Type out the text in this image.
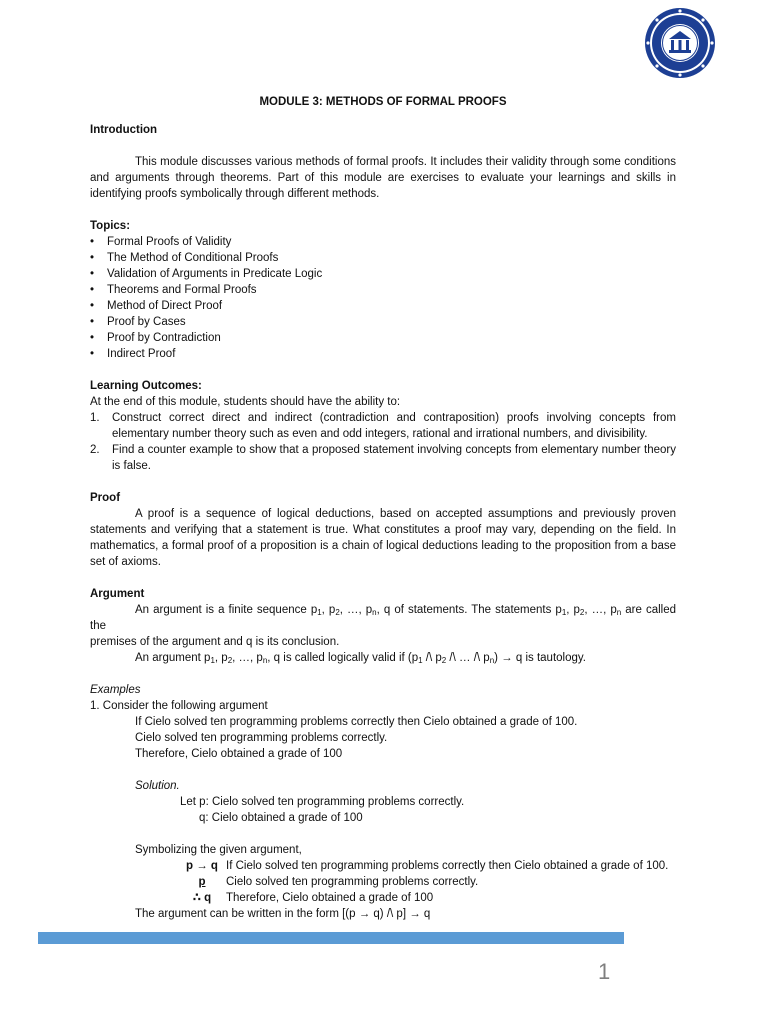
MODULE 3: METHODS OF FORMAL PROOFS
Introduction
This module discusses various methods of formal proofs. It includes their validity through some conditions and arguments through theorems. Part of this module are exercises to evaluate your learnings and skills in identifying proofs symbolically through different methods.
Topics:
• Formal Proofs of Validity
• The Method of Conditional Proofs
• Validation of Arguments in Predicate Logic
• Theorems and Formal Proofs
• Method of Direct Proof
• Proof by Cases
• Proof by Contradiction
• Indirect Proof
Learning Outcomes:
At the end of this module, students should have the ability to:
1. Construct correct direct and indirect (contradiction and contraposition) proofs involving concepts from elementary number theory such as even and odd integers, rational and irrational numbers, and divisibility.
2. Find a counter example to show that a proposed statement involving concepts from elementary number theory is false.
Proof
A proof is a sequence of logical deductions, based on accepted assumptions and previously proven statements and verifying that a statement is true. What constitutes a proof may vary, depending on the field. In mathematics, a formal proof of a proposition is a chain of logical deductions leading to the proposition from a base set of axioms.
Argument
An argument is a finite sequence $p_1$, $p_2$, …, $p_n$, q of statements. The statements $p_1$, $p_2$, …, $p_n$ are called the
premises of the argument and q is its conclusion.
An argument $p_1$, $p_2$, …, $p_n$, q is called logically valid if ($p_1$ /\ $p_2$ /\ … /\ $p_n) \to q$ is tautology.
Examples
1. Consider the following argument
If Cielo solved ten programming problems correctly then Cielo obtained a grade of 100.
Cielo solved ten programming problems correctly.
Therefore, Cielo obtained a grade of 100
Solution.
Let p: Cielo solved ten programming problems correctly.
q: Cielo obtained a grade of 100
Symbolizing the given argument,
p → q If Cielo solved ten programming problems correctly then Cielo obtained a grade of 100.
p	Cielo solved ten programming problems correctly.
∴ q	Therefore, Cielo obtained a grade of 100
The argument can be written in the form [(p → q) /\ p] → q
1
